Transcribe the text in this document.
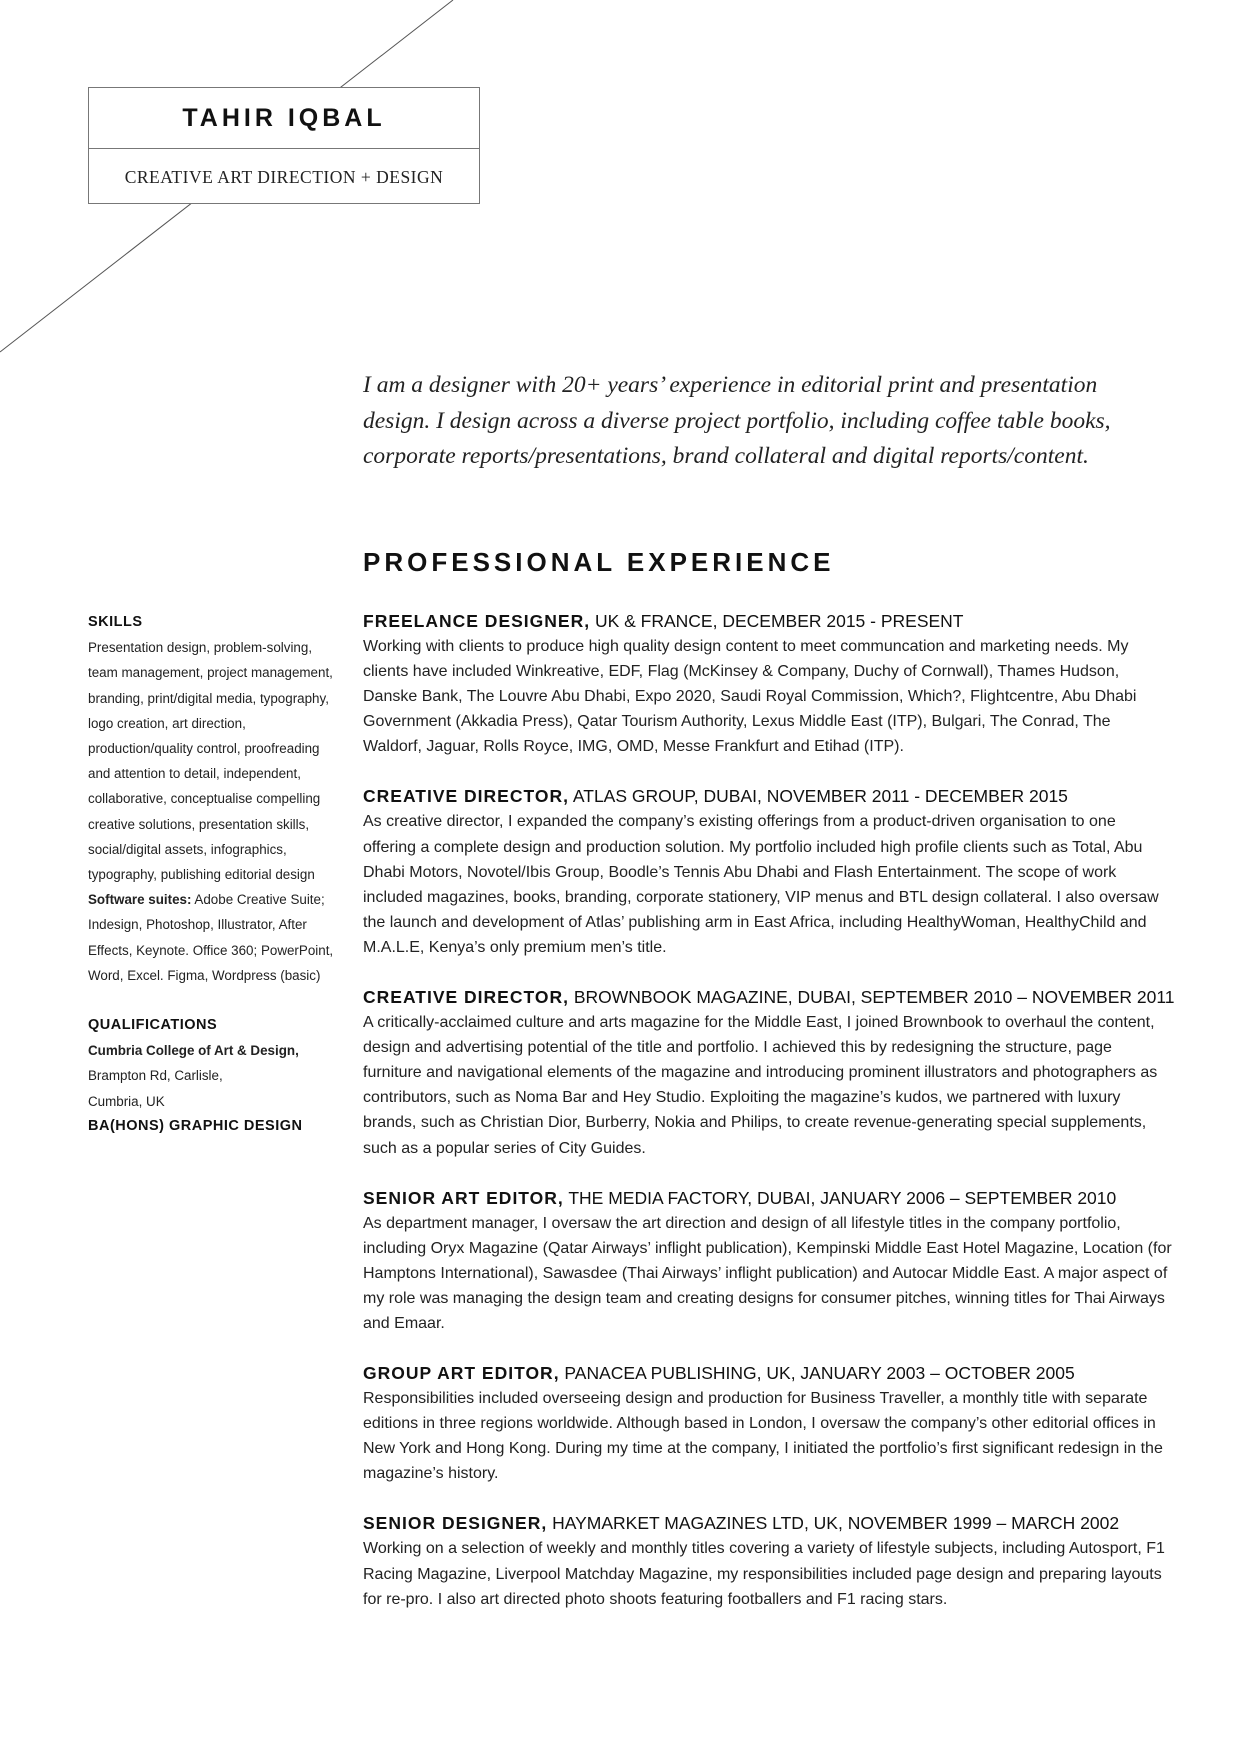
TAHIR IQBAL
CREATIVE ART DIRECTION + DESIGN

I am a designer with 20+ years’ experience in editorial print and presentation design. I design across a diverse project portfolio, including coffee table books, corporate reports/presentations, brand collateral and digital reports/content.

PROFESSIONAL EXPERIENCE

SKILLS

Presentation design, problem-solving, team management, project management, branding, print/digital media, typography, logo creation, art direction, production/quality control, proofreading and attention to detail, independent, collaborative, conceptualise compelling creative solutions, presentation skills, social/digital assets, infographics, typography, publishing editorial design

Software suites: Adobe Creative Suite; Indesign, Photoshop, Illustrator, After Effects, Keynote. Office 360; PowerPoint, Word, Excel. Figma, Wordpress (basic)

QUALIFICATIONS

Cumbria College of Art & Design,

Brampton Rd, Carlisle,

Cumbria, UK

BA(HONS) GRAPHIC DESIGN

FREELANCE DESIGNER, UK & FRANCE, DECEMBER 2015 - PRESENT

Working with clients to produce high quality design content to meet communcation and marketing needs. My clients have included Winkreative, EDF, Flag (McKinsey & Company, Duchy of Cornwall), Thames Hudson, Danske Bank, The Louvre Abu Dhabi, Expo 2020, Saudi Royal Commission, Which?, Flightcentre, Abu Dhabi Government (Akkadia Press), Qatar Tourism Authority, Lexus Middle East (ITP), Bulgari, The Conrad, The Waldorf, Jaguar, Rolls Royce, IMG, OMD, Messe Frankfurt and Etihad (ITP).

CREATIVE DIRECTOR, ATLAS GROUP, DUBAI, NOVEMBER 2011 - DECEMBER 2015

As creative director, I expanded the company’s existing offerings from a product-driven organisation to one offering a complete design and production solution. My portfolio included high profile clients such as Total, Abu Dhabi Motors, Novotel/Ibis Group, Boodle’s Tennis Abu Dhabi and Flash Entertainment. The scope of work included magazines, books, branding, corporate stationery, VIP menus and BTL design collateral. I also oversaw the launch and development of Atlas’ publishing arm in East Africa, including HealthyWoman, HealthyChild and M.A.L.E, Kenya’s only premium men’s title.

CREATIVE DIRECTOR, BROWNBOOK MAGAZINE, DUBAI, SEPTEMBER 2010 – NOVEMBER 2011

A critically-acclaimed culture and arts magazine for the Middle East, I joined Brownbook to overhaul the content, design and advertising potential of the title and portfolio. I achieved this by redesigning the structure, page furniture and navigational elements of the magazine and introducing prominent illustrators and photographers as contributors, such as Noma Bar and Hey Studio. Exploiting the magazine’s kudos, we partnered with luxury brands, such as Christian Dior, Burberry, Nokia and Philips, to create revenue-generating special supplements, such as a popular series of City Guides.

SENIOR ART EDITOR, THE MEDIA FACTORY, DUBAI, JANUARY 2006 – SEPTEMBER 2010

As department manager, I oversaw the art direction and design of all lifestyle titles in the company portfolio, including Oryx Magazine (Qatar Airways’ inflight publication), Kempinski Middle East Hotel Magazine, Location (for Hamptons International), Sawasdee (Thai Airways’ inflight publication) and Autocar Middle East. A major aspect of my role was managing the design team and creating designs for consumer pitches, winning titles for Thai Airways and Emaar.

GROUP ART EDITOR, PANACEA PUBLISHING, UK, JANUARY 2003 – OCTOBER 2005

Responsibilities included overseeing design and production for Business Traveller, a monthly title with separate editions in three regions worldwide. Although based in London, I oversaw the company’s other editorial offices in New York and Hong Kong. During my time at the company, I initiated the portfolio’s first significant redesign in the magazine’s history.

SENIOR DESIGNER, HAYMARKET MAGAZINES LTD, UK, NOVEMBER 1999 – MARCH 2002

Working on a selection of weekly and monthly titles covering a variety of lifestyle subjects, including Autosport, F1 Racing Magazine, Liverpool Matchday Magazine, my responsibilities included page design and preparing layouts for re-pro. I also art directed photo shoots featuring footballers and F1 racing stars.
